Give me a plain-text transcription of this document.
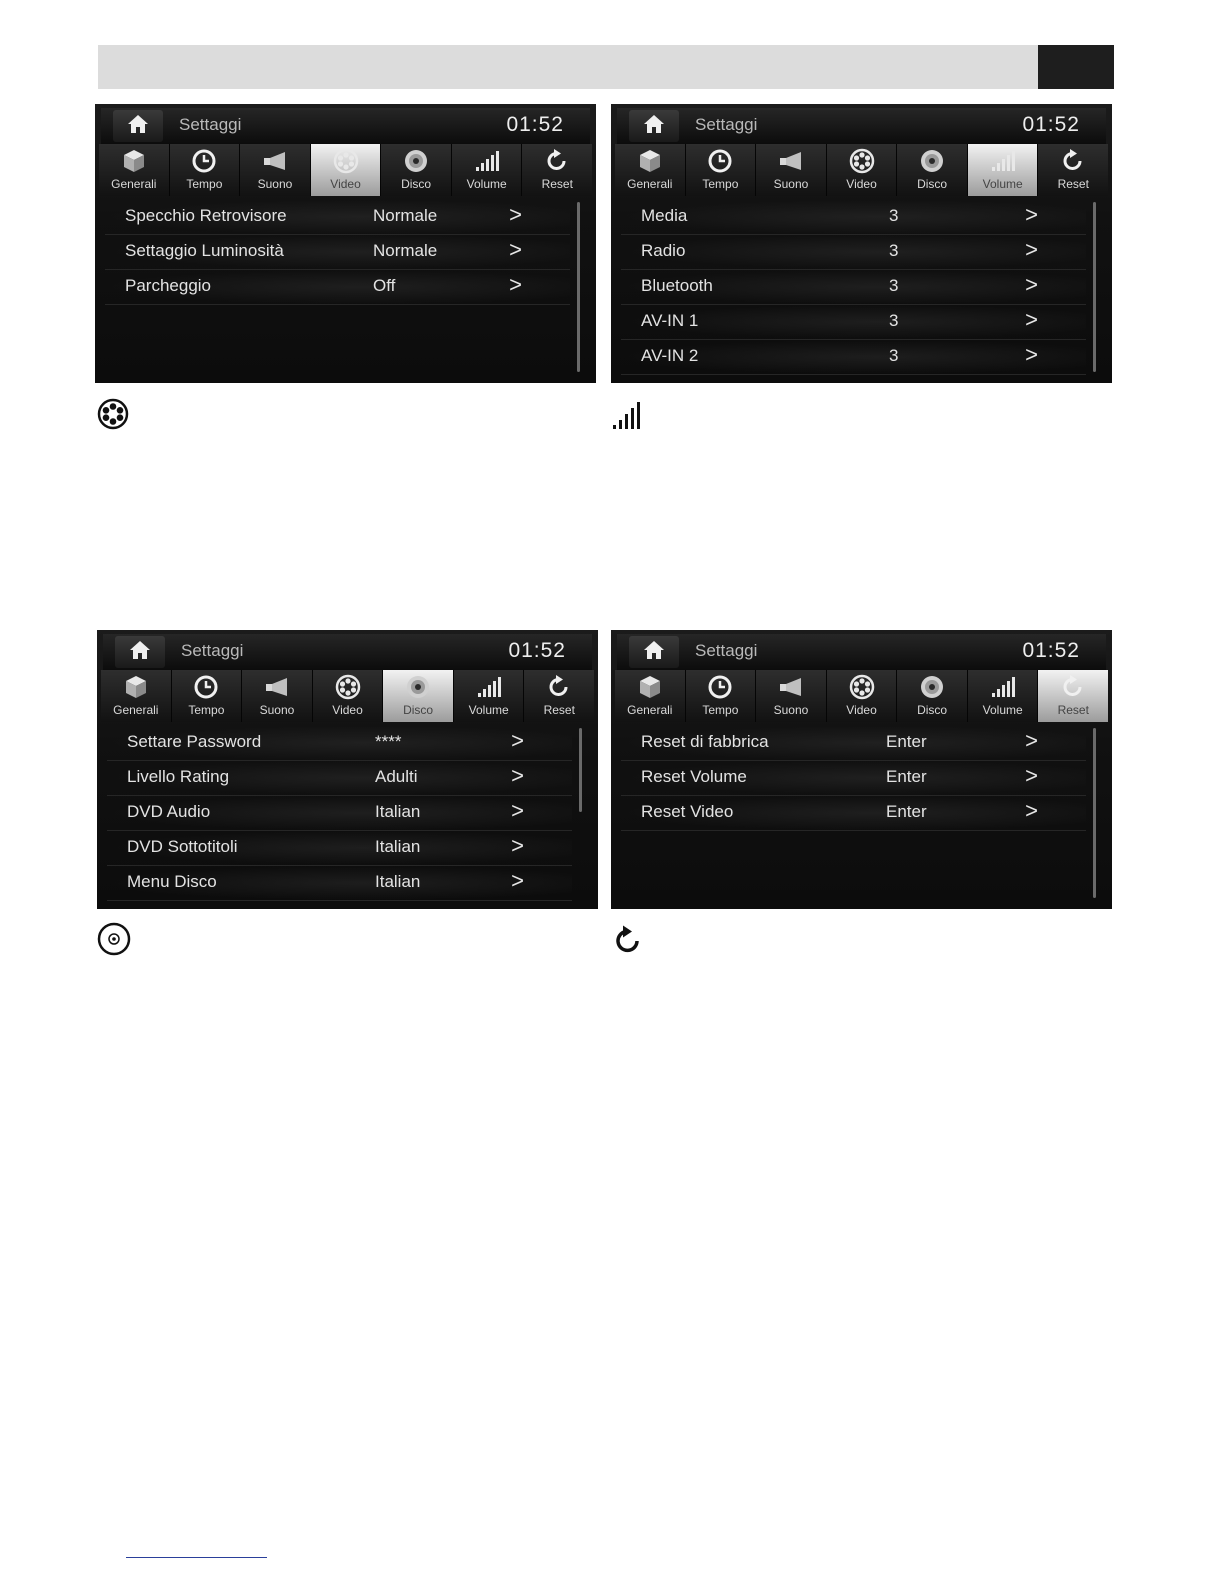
Settaggi	01:52
Generali Tempo	Suono	Video	Disco	Volume	Reset
Specchio Retrovisore	Normale	>
Settaggio Luminosità	Normale	>
Parcheggio	Off	>
Settaggi	01:52
Generali Tempo	Suono	Video	Disco	Volume	Reset
Media	3	>
Radio	3	>
Bluetooth	3	>
AV-IN 1	3	>
AV-IN 2	3	>
Settaggi	01:52
Generali Tempo	Suono	Video	Disco	Volume	Reset
Settare Password	****	>
Livello Rating	Adulti	>
DVD Audio	Italian	>
DVD Sottotitoli	Italian	>
Menu Disco	Italian	>
Settaggi	01:52
Generali Tempo	Suono	Video	Disco	Volume	Reset
Reset di fabbrica	Enter	>
Reset Volume	Enter	>
Reset Video	Enter	>
